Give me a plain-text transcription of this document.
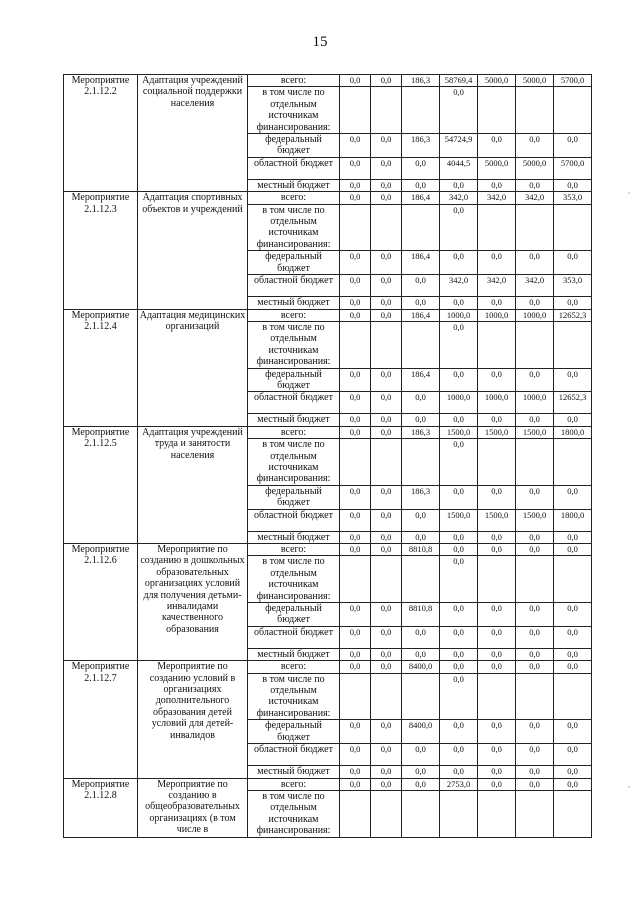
15
,
,
Мероприятие 2.1.12.2	Адаптация учреждений социальной поддержки населения	всего:	0,0	0,0	186,3	58769,4	5000,0	5000,0	5700,0
		в том числе по отдельным источникам финансирования:				0,0			
		федеральный бюджет	0,0	0,0	186,3	54724,9	0,0	0,0	0,0
		областной бюджет	0,0	0,0	0,0	4044,5	5000,0	5000,0	5700,0
		местный бюджет	0,0	0,0	0,0	0,0	0,0	0,0	0,0
Мероприятие 2.1.12.3	Адаптация спортивных объектов и учреждений	всего:	0,0	0,0	186,4	342,0	342,0	342,0	353,0
		в том числе по отдельным источникам финансирования:				0,0			
		федеральный бюджет	0,0	0,0	186,4	0,0	0,0	0,0	0,0
		областной бюджет	0,0	0,0	0,0	342,0	342,0	342,0	353,0
		местный бюджет	0,0	0,0	0,0	0,0	0,0	0,0	0,0
Мероприятие 2.1.12.4	Адаптация медицинских организаций	всего:	0,0	0,0	186,4	1000,0	1000,0	1000,0	12652,3
		в том числе по отдельным источникам финансирования:				0,0			
		федеральный бюджет	0,0	0,0	186,4	0,0	0,0	0,0	0,0
		областной бюджет	0,0	0,0	0,0	1000,0	1000,0	1000,0	12652,3
		местный бюджет	0,0	0,0	0,0	0,0	0,0	0,0	0,0
Мероприятие 2.1.12.5	Адаптация учреждений труда и занятости населения	всего:	0,0	0,0	186,3	1500,0	1500,0	1500,0	1800,0
		в том числе по отдельным источникам финансирования:				0,0			
		федеральный бюджет	0,0	0,0	186,3	0,0	0,0	0,0	0,0
		областной бюджет	0,0	0,0	0,0	1500,0	1500,0	1500,0	1800,0
		местный бюджет	0,0	0,0	0,0	0,0	0,0	0,0	0,0
Мероприятие 2.1.12.6	Мероприятие по созданию в дошкольных образовательных организациях условий для получения детьми-инвалидами качественного образования	всего:	0,0	0,0	8810,8	0,0	0,0	0,0	0,0
		в том числе по отдельным источникам финансирования:				0,0			
		федеральный бюджет	0,0	0,0	8810,8	0,0	0,0	0,0	0,0
		областной бюджет	0,0	0,0	0,0	0,0	0,0	0,0	0,0
		местный бюджет	0,0	0,0	0,0	0,0	0,0	0,0	0,0
Мероприятие 2.1.12.7	Мероприятие по созданию условий в организациях дополнительного образования детей условий для детей-инвалидов	всего:	0,0	0,0	8400,0	0,0	0,0	0,0	0,0
		в том числе по отдельным источникам финансирования:				0,0			
		федеральный бюджет	0,0	0,0	8400,0	0,0	0,0	0,0	0,0
		областной бюджет	0,0	0,0	0,0	0,0	0,0	0,0	0,0
		местный бюджет	0,0	0,0	0,0	0,0	0,0	0,0	0,0
Мероприятие 2.1.12.8	Мероприятие по созданию в общеобразовательных организациях (в том числе в	всего:	0,0	0,0	0,0	2753,0	0,0	0,0	0,0
		в том числе по отдельным источникам финансирования:							
